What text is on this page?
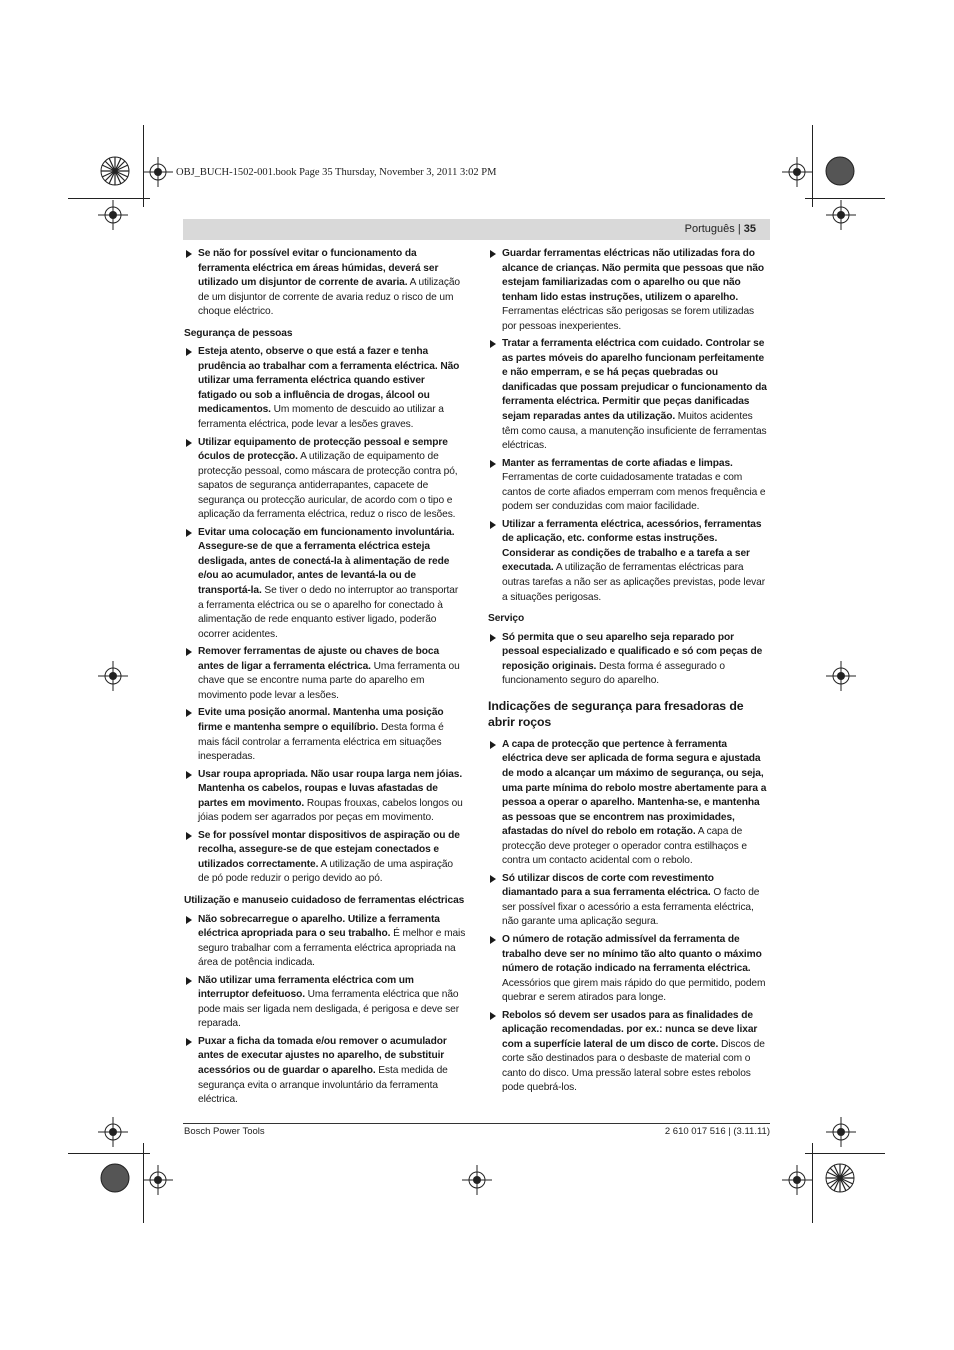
OBJ_BUCH-1502-001.book Page 35 Thursday, November 3, 2011 3:02 PM
Português | 35
Se não for possível evitar o funcionamento da ferramenta eléctrica em áreas húmidas, deverá ser utilizado um disjuntor de corrente de avaria. A utilização de um disjuntor de corrente de avaria reduz o risco de um choque eléctrico.
Segurança de pessoas
Esteja atento, observe o que está a fazer e tenha prudência ao trabalhar com a ferramenta eléctrica. Não utilizar uma ferramenta eléctrica quando estiver fatigado ou sob a influência de drogas, álcool ou medicamentos. Um momento de descuido ao utilizar a ferramenta eléctrica, pode levar a lesões graves.
Utilizar equipamento de protecção pessoal e sempre óculos de protecção. A utilização de equipamento de protecção pessoal, como máscara de protecção contra pó, sapatos de segurança antiderrapantes, capacete de segurança ou protecção auricular, de acordo com o tipo e aplicação da ferramenta eléctrica, reduz o risco de lesões.
Evitar uma colocação em funcionamento involuntária. Assegure-se de que a ferramenta eléctrica esteja desligada, antes de conectá-la à alimentação de rede e/ou ao acumulador, antes de levantá-la ou de transportá-la. Se tiver o dedo no interruptor ao transportar a ferramenta eléctrica ou se o aparelho for conectado à alimentação de rede enquanto estiver ligado, poderão ocorrer acidentes.
Remover ferramentas de ajuste ou chaves de boca antes de ligar a ferramenta eléctrica. Uma ferramenta ou chave que se encontre numa parte do aparelho em movimento pode levar a lesões.
Evite uma posição anormal. Mantenha uma posição firme e mantenha sempre o equilíbrio. Desta forma é mais fácil controlar a ferramenta eléctrica em situações inesperadas.
Usar roupa apropriada. Não usar roupa larga nem jóias. Mantenha os cabelos, roupas e luvas afastadas de partes em movimento. Roupas frouxas, cabelos longos ou jóias podem ser agarrados por peças em movimento.
Se for possível montar dispositivos de aspiração ou de recolha, assegure-se de que estejam conectados e utilizados correctamente. A utilização de uma aspiração de pó pode reduzir o perigo devido ao pó.
Utilização e manuseio cuidadoso de ferramentas eléctricas
Não sobrecarregue o aparelho. Utilize a ferramenta eléctrica apropriada para o seu trabalho. É melhor e mais seguro trabalhar com a ferramenta eléctrica apropriada na área de potência indicada.
Não utilizar uma ferramenta eléctrica com um interruptor defeituoso. Uma ferramenta eléctrica que não pode mais ser ligada nem desligada, é perigosa e deve ser reparada.
Puxar a ficha da tomada e/ou remover o acumulador antes de executar ajustes no aparelho, de substituir acessórios ou de guardar o aparelho. Esta medida de segurança evita o arranque involuntário da ferramenta eléctrica.
Guardar ferramentas eléctricas não utilizadas fora do alcance de crianças. Não permita que pessoas que não estejam familiarizadas com o aparelho ou que não tenham lido estas instruções, utilizem o aparelho. Ferramentas eléctricas são perigosas se forem utilizadas por pessoas inexperientes.
Tratar a ferramenta eléctrica com cuidado. Controlar se as partes móveis do aparelho funcionam perfeitamente e não emperram, e se há peças quebradas ou danificadas que possam prejudicar o funcionamento da ferramenta eléctrica. Permitir que peças danificadas sejam reparadas antes da utilização. Muitos acidentes têm como causa, a manutenção insuficiente de ferramentas eléctricas.
Manter as ferramentas de corte afiadas e limpas. Ferramentas de corte cuidadosamente tratadas e com cantos de corte afiados emperram com menos frequência e podem ser conduzidas com maior facilidade.
Utilizar a ferramenta eléctrica, acessórios, ferramentas de aplicação, etc. conforme estas instruções. Considerar as condições de trabalho e a tarefa a ser executada. A utilização de ferramentas eléctricas para outras tarefas a não ser as aplicações previstas, pode levar a situações perigosas.
Serviço
Só permita que o seu aparelho seja reparado por pessoal especializado e qualificado e só com peças de reposição originais. Desta forma é assegurado o funcionamento seguro do aparelho.
Indicações de segurança para fresadoras de abrir roços
A capa de protecção que pertence à ferramenta eléctrica deve ser aplicada de forma segura e ajustada de modo a alcançar um máximo de segurança, ou seja, uma parte mínima do rebolo mostre abertamente para a pessoa a operar o aparelho. Mantenha-se, e mantenha as pessoas que se encontrem nas proximidades, afastadas do nível do rebolo em rotação. A capa de protecção deve proteger o operador contra estilhaços e contra um contacto acidental com o rebolo.
Só utilizar discos de corte com revestimento diamantado para a sua ferramenta eléctrica. O facto de ser possível fixar o acessório a esta ferramenta eléctrica, não garante uma aplicação segura.
O número de rotação admissível da ferramenta de trabalho deve ser no mínimo tão alto quanto o máximo número de rotação indicado na ferramenta eléctrica. Acessórios que girem mais rápido do que permitido, podem quebrar e serem atirados para longe.
Rebolos só devem ser usados para as finalidades de aplicação recomendadas. por ex.: nunca se deve lixar com a superfície lateral de um disco de corte. Discos de corte são destinados para o desbaste de material com o canto do disco. Uma pressão lateral sobre estes rebolos pode quebrá-los.
Bosch Power Tools	2 610 017 516 | (3.11.11)
